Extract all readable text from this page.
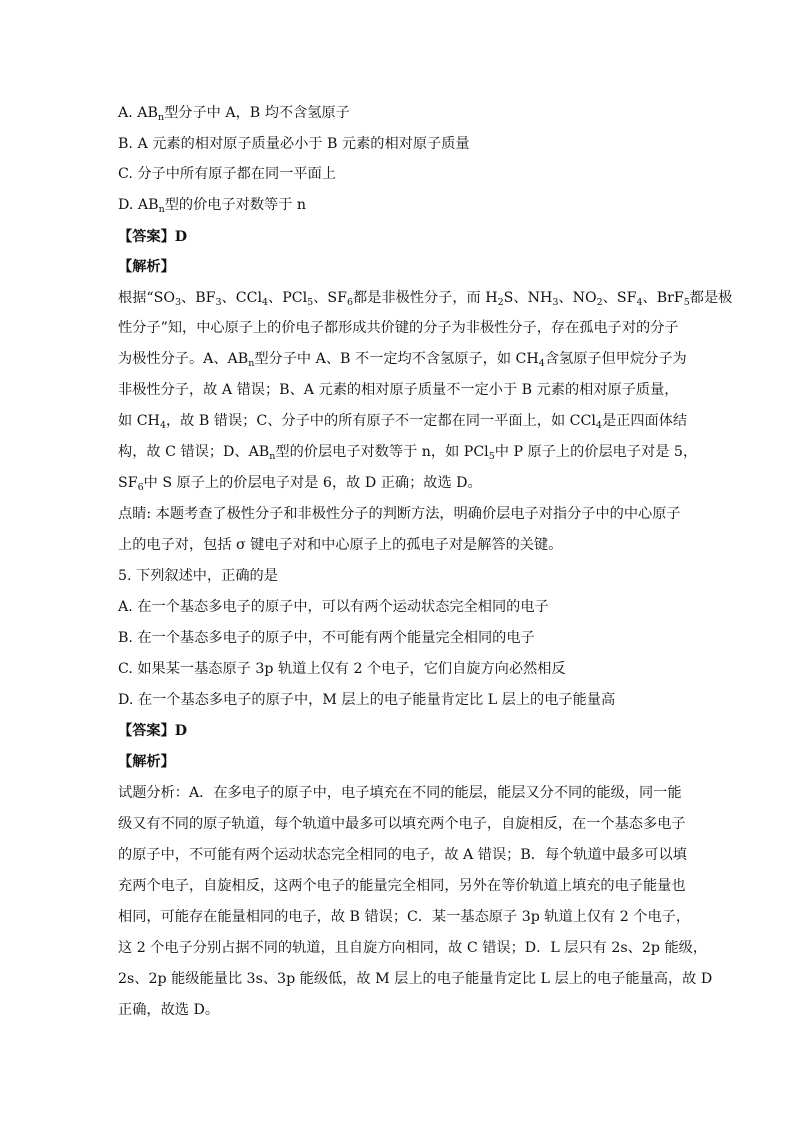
A. $AB_n$型分子中 A，B 均不含氢原子
B. A 元素的相对原子质量必小于 B 元素的相对原子质量
C. 分子中所有原子都在同一平面上
D. $AB_n$型的价电子对数等于 n
【答案】D
【解析】
根据“$SO_3$、$BF_3$、CCl$_4$、PCl$_5$、$SF_6$都是非极性分子，而 $H_2S$、$NH_3$、$NO_2$、$SF_4$、BrF$_5$都是极
性分子”知，中心原子上的价电子都形成共价键的分子为非极性分子，存在孤电子对的分子
为极性分子。A、$AB_n$型分子中 A、B 不一定均不含氢原子，如 $CH_4$含氢原子但甲烷分子为
非极性分子，故 A 错误；B、A 元素的相对原子质量不一定小于 B 元素的相对原子质量，
如 $CH_4$，故 B 错误；C、分子中的所有原子不一定都在同一平面上，如 CCl$_4$是正四面体结
构，故 C 错误；D、$AB_n$型的价层电子对数等于 n，如 PCl$_5$中 P 原子上的价层电子对是 5，
$SF_6$中 S 原子上的价层电子对是 6，故 D 正确；故选 D。
点睛: 本题考查了极性分子和非极性分子的判断方法，明确价层电子对指分子中的中心原子
上的电子对，包括 σ 键电子对和中心原子上的孤电子对是解答的关键。
5. 下列叙述中，正确的是
A. 在一个基态多电子的原子中，可以有两个运动状态完全相同的电子
B. 在一个基态多电子的原子中，不可能有两个能量完全相同的电子
C. 如果某一基态原子 3p 轨道上仅有 2 个电子，它们自旋方向必然相反
D. 在一个基态多电子的原子中，M 层上的电子能量肯定比 L 层上的电子能量高
【答案】D
【解析】
试题分析：A．在多电子的原子中，电子填充在不同的能层，能层又分不同的能级，同一能
级又有不同的原子轨道，每个轨道中最多可以填充两个电子，自旋相反，在一个基态多电子
的原子中，不可能有两个运动状态完全相同的电子，故 A 错误；B．每个轨道中最多可以填
充两个电子，自旋相反，这两个电子的能量完全相同，另外在等价轨道上填充的电子能量也
相同，可能存在能量相同的电子，故 B 错误；C．某一基态原子 3p 轨道上仅有 2 个电子，
这 2 个电子分别占据不同的轨道，且自旋方向相同，故 C 错误；D．L 层只有 2s、2p 能级，
2s、2p 能级能量比 3s、3p 能级低，故 M 层上的电子能量肯定比 L 层上的电子能量高，故 D
正确，故选 D。
